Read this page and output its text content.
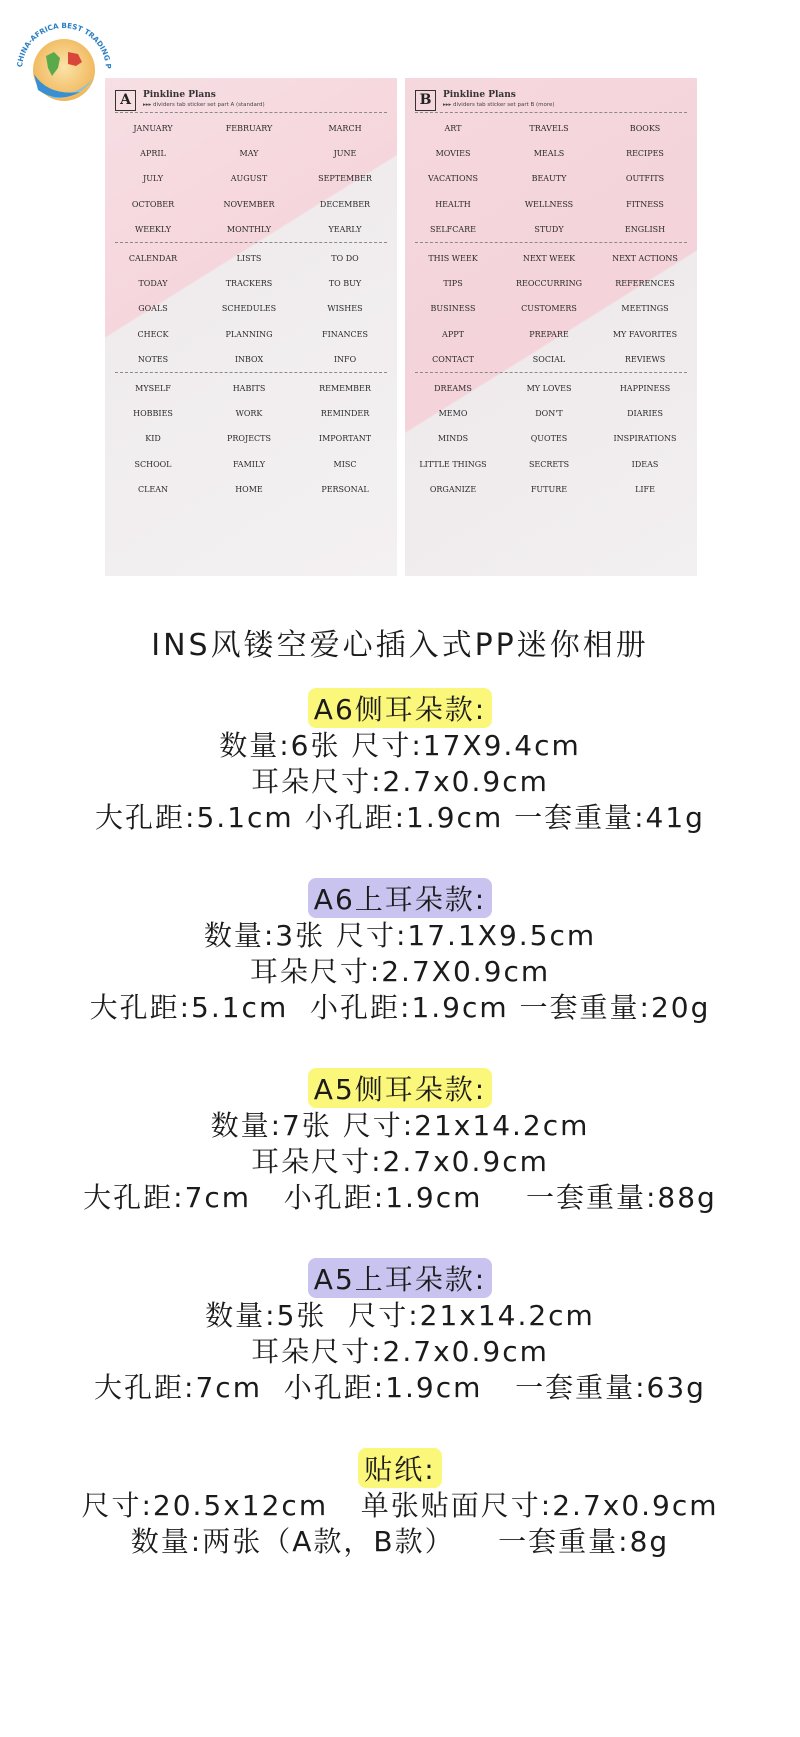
CHINA-AFRICA BEST TRADING P
A	Pinkline Plans
▸▸▸ dividers tab sticker set part A (standard)
JANUARY	FEBRUARY	MARCH
APRIL	MAY	JUNE
JULY	AUGUST	SEPTEMBER
OCTOBER	NOVEMBER	DECEMBER
WEEKLY	MONTHLY	YEARLY
CALENDAR	LISTS	TO DO
TODAY	TRACKERS	TO BUY
GOALS	SCHEDULES	WISHES
CHECK	PLANNING	FINANCES
NOTES	INBOX	INFO
MYSELF	HABITS	REMEMBER
HOBBIES	WORK	REMINDER
KID	PROJECTS	IMPORTANT
SCHOOL	FAMILY	MISC
CLEAN	HOME	PERSONAL
B	Pinkline Plans
▸▸▸ dividers tab sticker set part B (more)
ART	TRAVELS	BOOKS
MOVIES	MEALS	RECIPES
VACATIONS	BEAUTY	OUTFITS
HEALTH	WELLNESS	FITNESS
SELFCARE	STUDY	ENGLISH
THIS WEEK	NEXT WEEK	NEXT ACTIONS
TIPS	REOCCURRING	REFERENCES
BUSINESS	CUSTOMERS	MEETINGS
APPT	PREPARE	MY FAVORITES
CONTACT	SOCIAL	REVIEWS
DREAMS	MY LOVES	HAPPINESS
MEMO	DON'T	DIARIES
MINDS	QUOTES	INSPIRATIONS
LITTLE THINGS	SECRETS	IDEAS
ORGANIZE	FUTURE	LIFE
INS风镂空爱心插入式PP迷你相册
A6侧耳朵款:
数量:6张 尺寸:17X9.4cm
耳朵尺寸:2.7x0.9cm
大孔距:5.1cm 小孔距:1.9cm 一套重量:41g
A6上耳朵款:
数量:3张 尺寸:17.1X9.5cm
耳朵尺寸:2.7X0.9cm
大孔距:5.1cm  小孔距:1.9cm 一套重量:20g
A5侧耳朵款:
数量:7张 尺寸:21x14.2cm
耳朵尺寸:2.7x0.9cm
大孔距:7cm   小孔距:1.9cm    一套重量:88g
A5上耳朵款:
数量:5张  尺寸:21x14.2cm
耳朵尺寸:2.7x0.9cm
大孔距:7cm  小孔距:1.9cm   一套重量:63g
贴纸:
尺寸:20.5x12cm   单张贴面尺寸:2.7x0.9cm
数量:两张（A款，B款）    一套重量:8g
